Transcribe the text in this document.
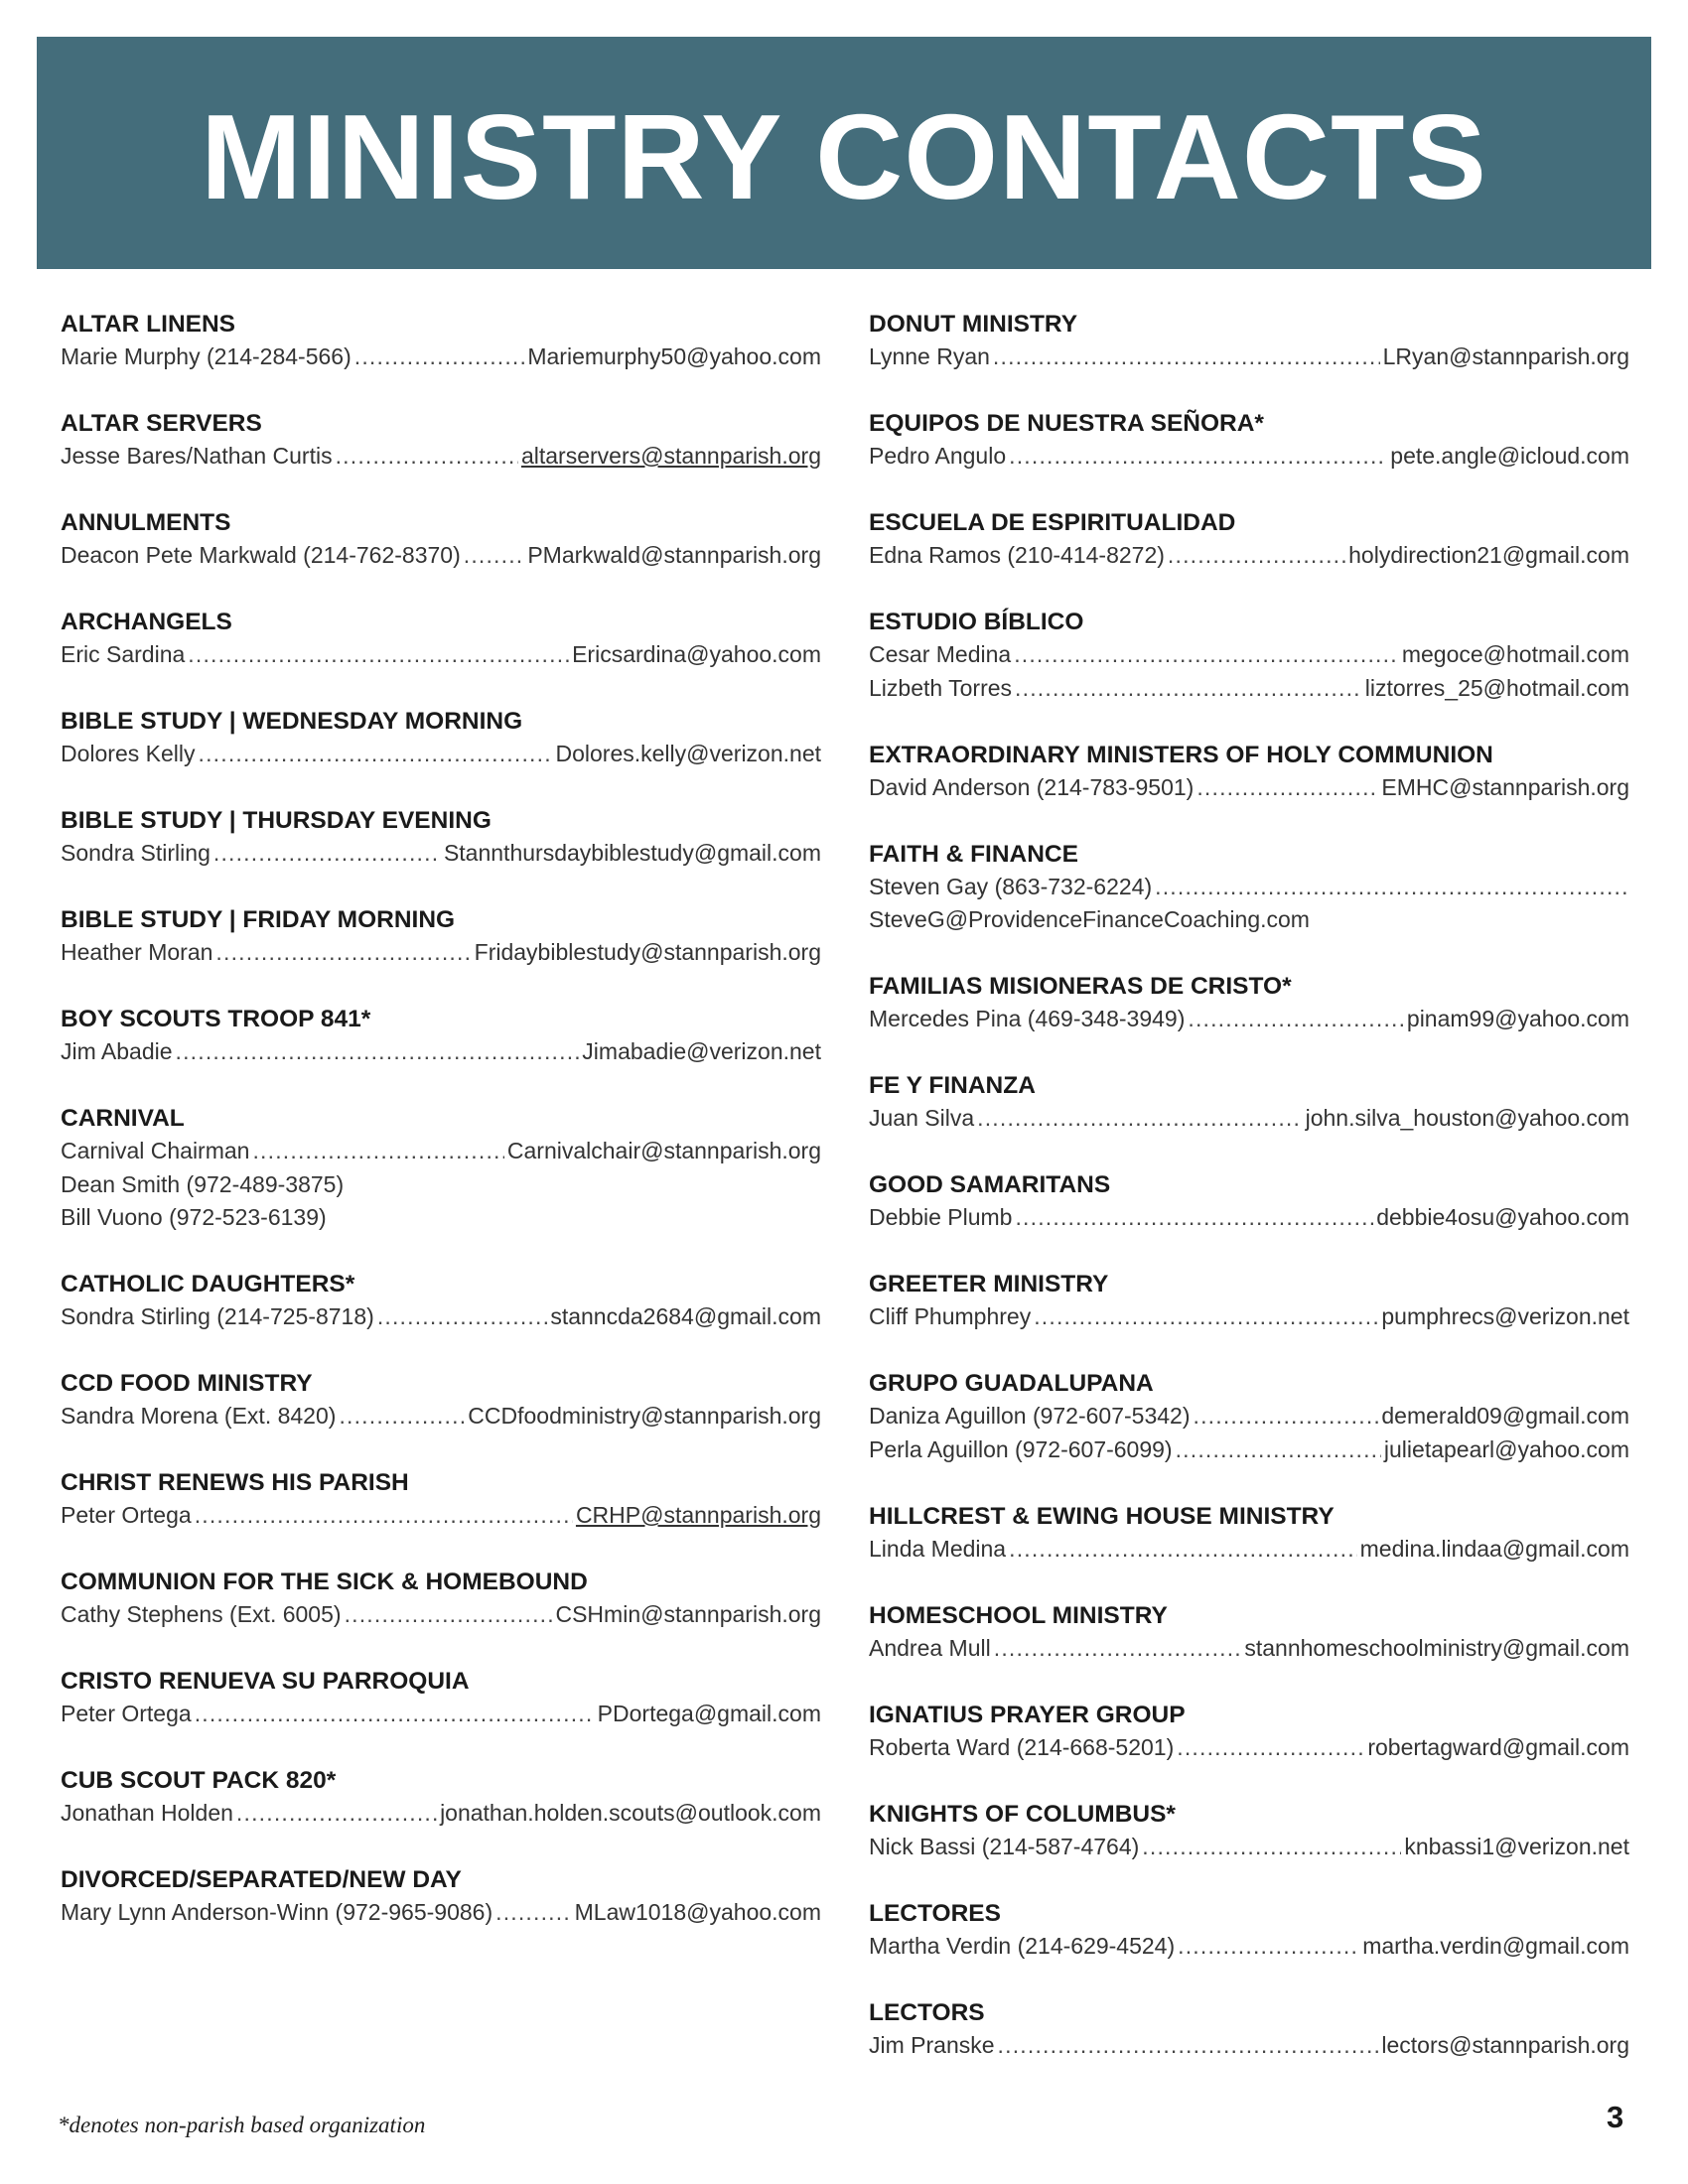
MINISTRY CONTACTS
ALTAR LINENS
Marie Murphy (214-284-566) . . .	Mariemurphy50@yahoo.com
ALTAR SERVERS
Jesse Bares/Nathan Curtis . . .	altarservers@stannparish.org
ANNULMENTS
Deacon Pete Markwald (214-762-8370) . . .	PMarkwald@stannparish.org
ARCHANGELS
Eric Sardina . . .	Ericsardina@yahoo.com
BIBLE STUDY | WEDNESDAY MORNING
Dolores Kelly . . .	Dolores.kelly@verizon.net
BIBLE STUDY | THURSDAY EVENING
Sondra Stirling . . .	Stannthursdaybiblestudy@gmail.com
BIBLE STUDY | FRIDAY MORNING
Heather Moran . . .	Fridaybiblestudy@stannparish.org
BOY SCOUTS TROOP 841*
Jim Abadie . . .	Jimabadie@verizon.net
CARNIVAL
Carnival Chairman . . .	Carnivalchair@stannparish.org
Dean Smith (972-489-3875)
Bill Vuono (972-523-6139)
CATHOLIC DAUGHTERS*
Sondra Stirling (214-725-8718) . . .	stanncda2684@gmail.com
CCD FOOD MINISTRY
Sandra Morena (Ext. 8420) . . .	CCDfoodministry@stannparish.org
CHRIST RENEWS HIS PARISH
Peter Ortega . . .	CRHP@stannparish.org
COMMUNION FOR THE SICK & HOMEBOUND
Cathy Stephens (Ext. 6005) . . .	CSHmin@stannparish.org
CRISTO RENUEVA SU PARROQUIA
Peter Ortega . . .	PDortega@gmail.com
CUB SCOUT PACK 820*
Jonathan Holden . . .	jonathan.holden.scouts@outlook.com
DIVORCED/SEPARATED/NEW DAY
Mary Lynn Anderson-Winn (972-965-9086) . . .	MLaw1018@yahoo.com
DONUT MINISTRY
Lynne Ryan . . .	LRyan@stannparish.org
EQUIPOS DE NUESTRA SEÑORA*
Pedro Angulo . . .	pete.angle@icloud.com
ESCUELA DE ESPIRITUALIDAD
Edna Ramos (210-414-8272) . . .	holydirection21@gmail.com
ESTUDIO BÍBLICO
Cesar Medina . . .	megoce@hotmail.com
Lizbeth Torres . . .	liztorres_25@hotmail.com
EXTRAORDINARY MINISTERS OF HOLY COMMUNION
David Anderson (214-783-9501) . . .	EMHC@stannparish.org
FAITH & FINANCE
Steven Gay (863-732-6224)
. . .
SteveG@ProvidenceFinanceCoaching.com
FAMILIAS MISIONERAS DE CRISTO*
Mercedes Pina (469-348-3949) . . .	pinam99@yahoo.com
FE Y FINANZA
Juan Silva . . .	john.silva_houston@yahoo.com
GOOD SAMARITANS
Debbie Plumb . . .	debbie4osu@yahoo.com
GREETER MINISTRY
Cliff Phumphrey . . .	pumphrecs@verizon.net
GRUPO GUADALUPANA
Daniza Aguillon (972-607-5342) . . .	demerald09@gmail.com
Perla Aguillon (972-607-6099) . . .	julietapearl@yahoo.com
HILLCREST & EWING HOUSE MINISTRY
Linda Medina . . .	medina.lindaa@gmail.com
HOMESCHOOL MINISTRY
Andrea Mull . . .	stannhomeschoolministry@gmail.com
IGNATIUS PRAYER GROUP
Roberta Ward (214-668-5201) . . .	robertagward@gmail.com
KNIGHTS OF COLUMBUS*
Nick Bassi (214-587-4764) . . .	knbassi1@verizon.net
LECTORES
Martha Verdin (214-629-4524) . . .	martha.verdin@gmail.com
LECTORS
Jim Pranske . . .	lectors@stannparish.org
*denotes non-parish based organization	3
